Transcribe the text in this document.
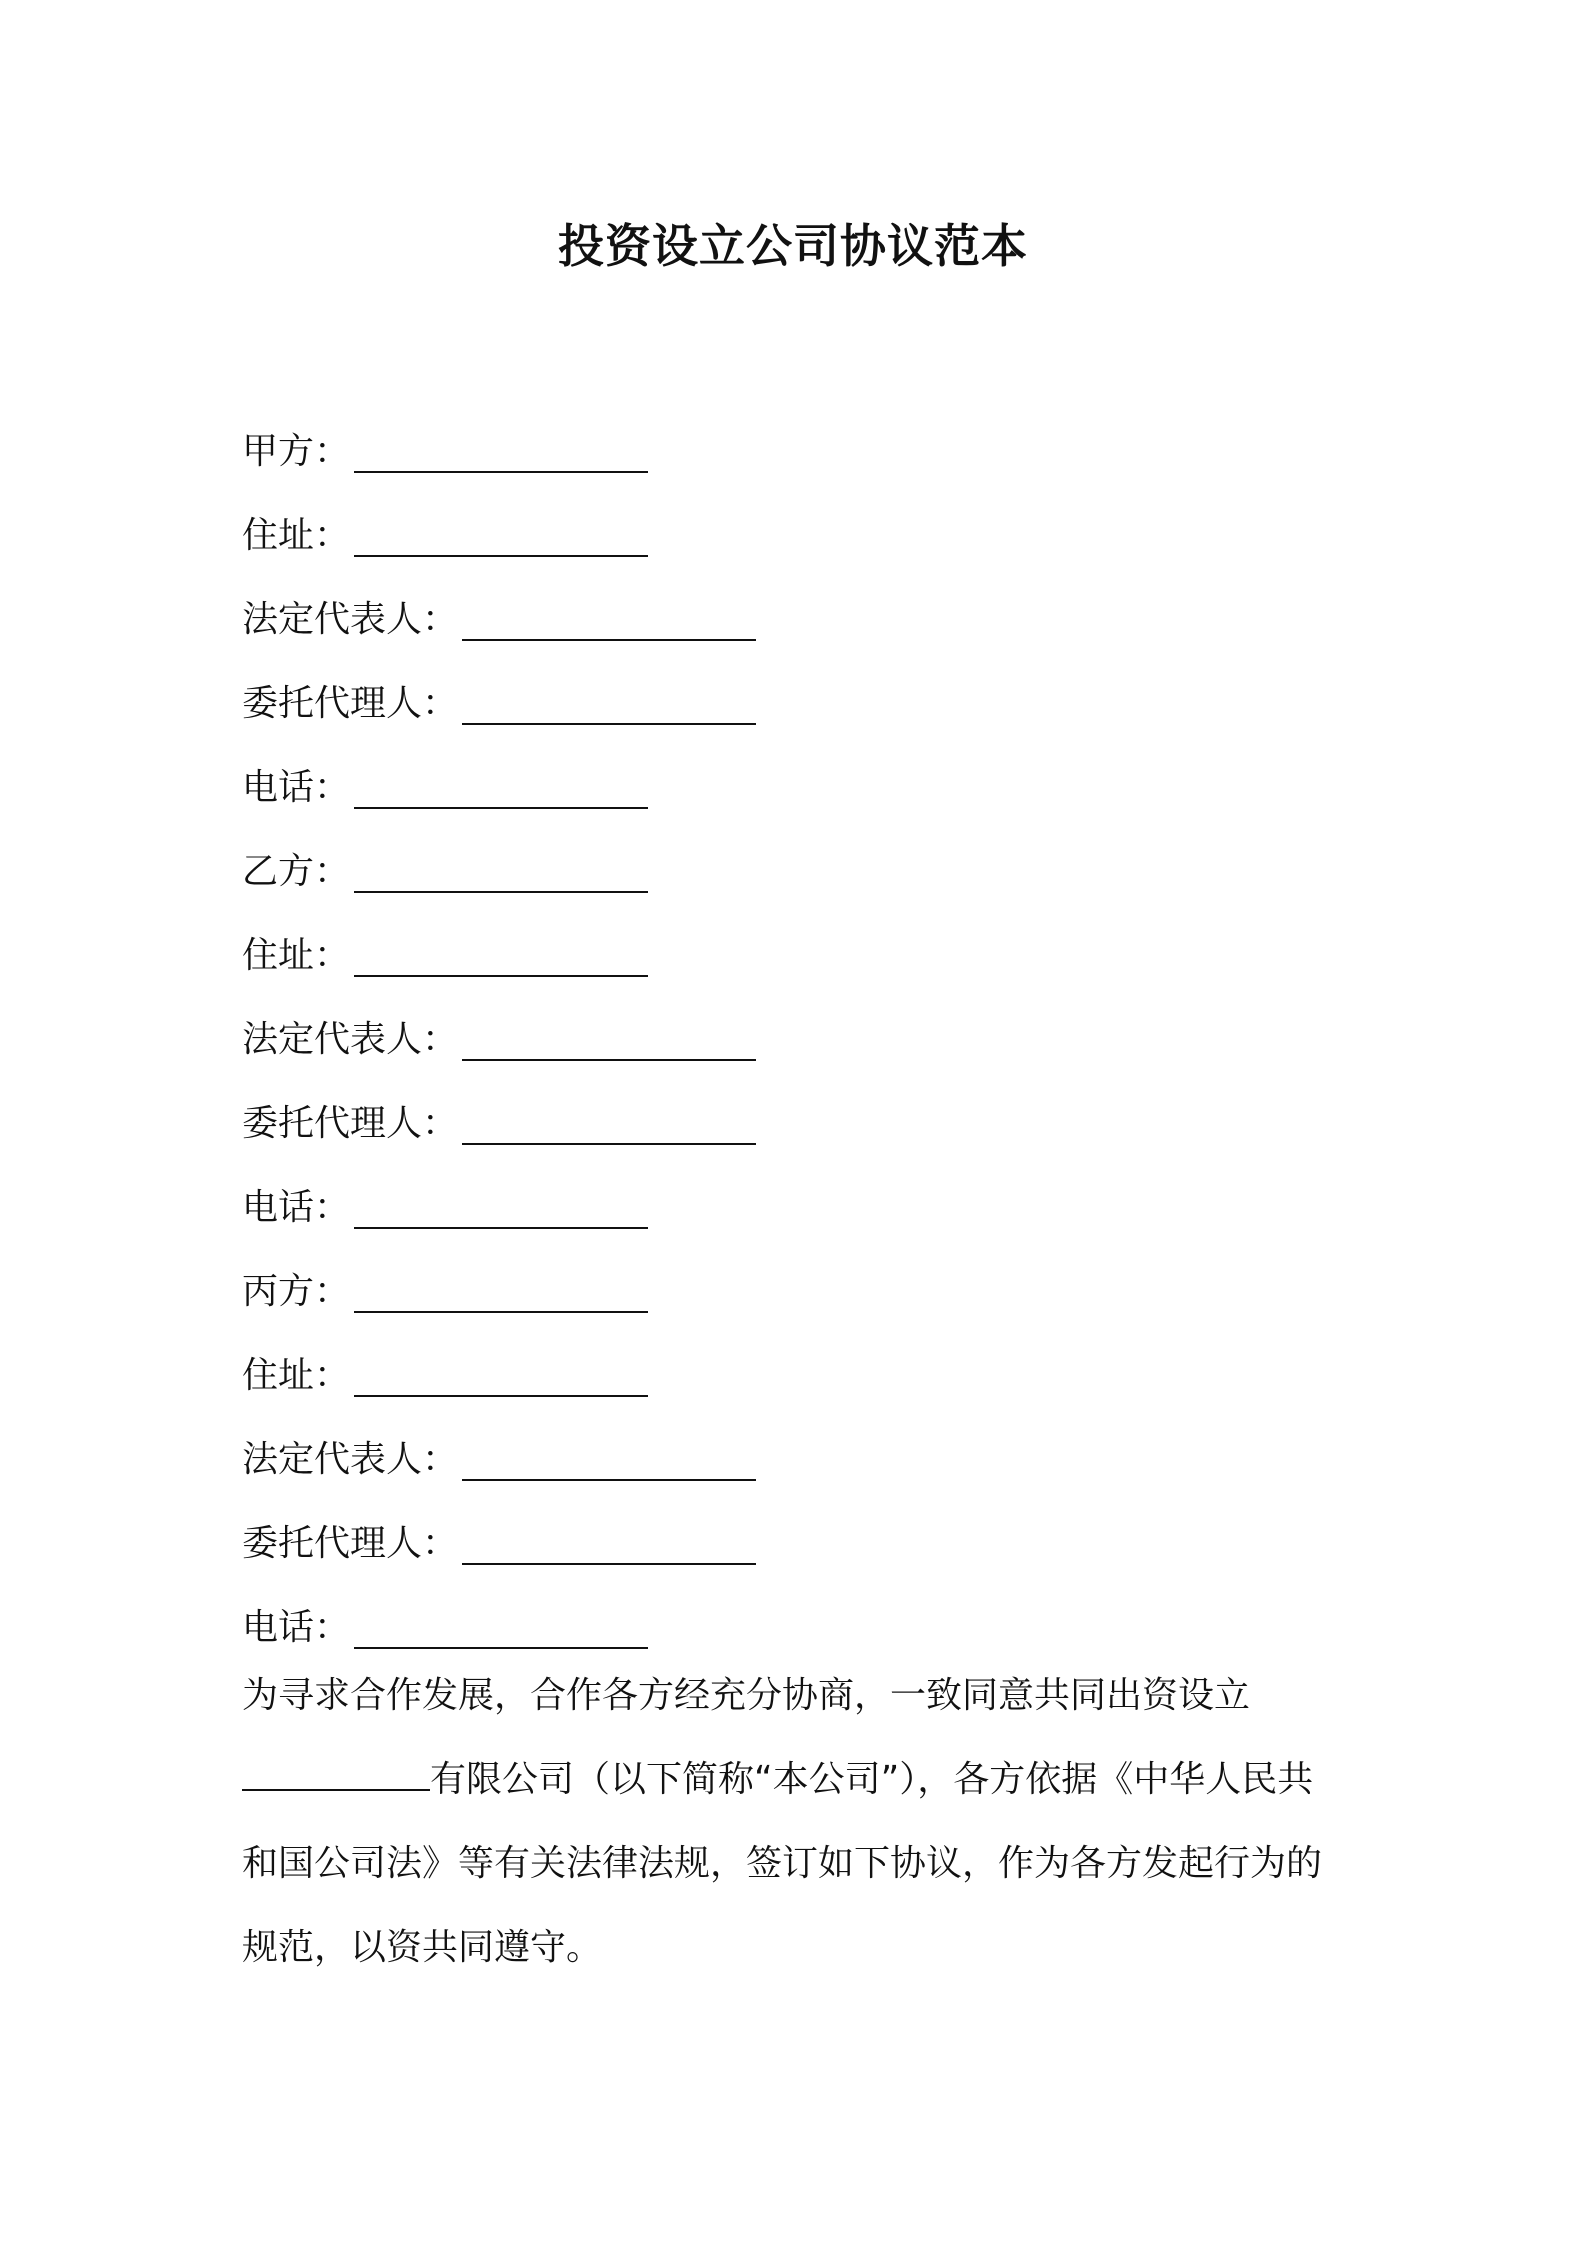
投资设立公司协议范本
甲方：
住址：
法定代表人：
委托代理人：
电话：
乙方：
住址：
法定代表人：
委托代理人：
电话：
丙方：
住址：
法定代表人：
委托代理人：
电话：
为寻求合作发展，合作各方经充分协商，一致同意共同出资设立
有限公司（以下简称“本公司”），各方依据《中华人民共
和国公司法》等有关法律法规，签订如下协议，作为各方发起行为的
规范，以资共同遵守。
